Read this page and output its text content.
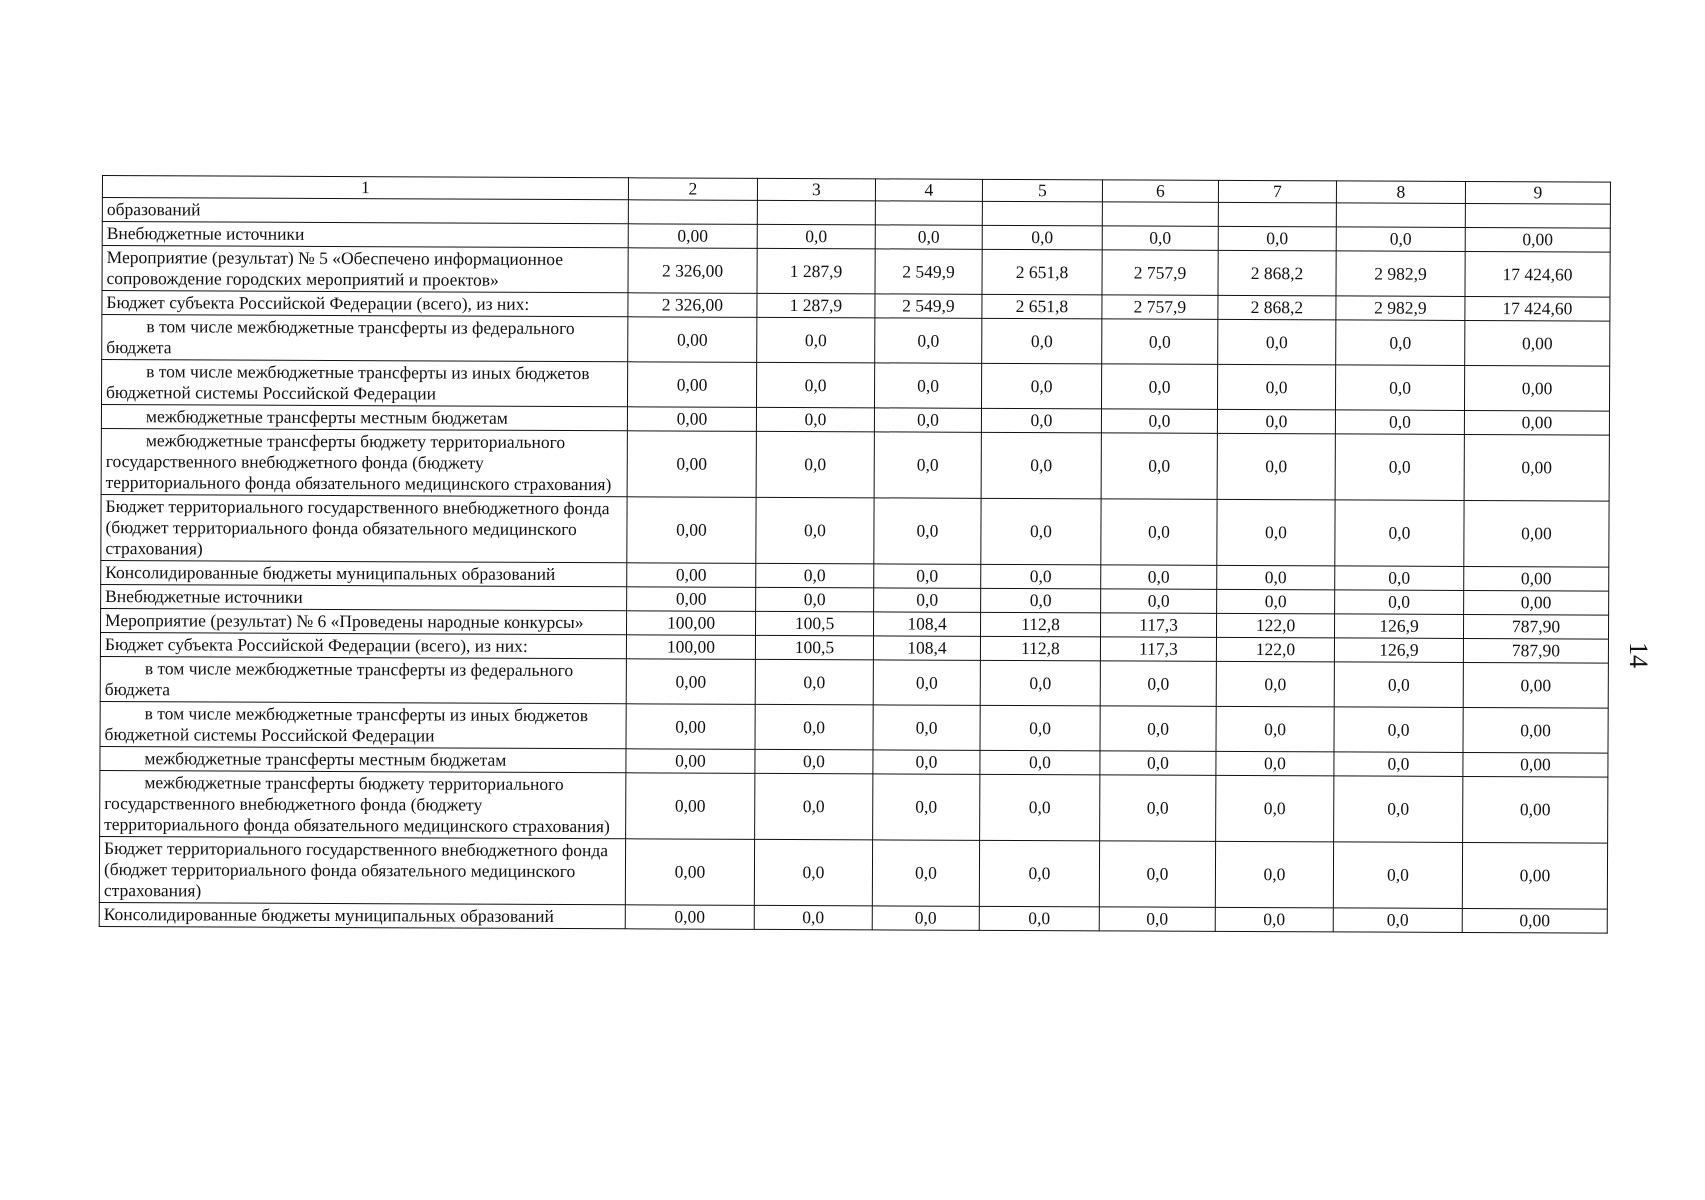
1	2	3	4	5	6	7	8	9
образований								
Внебюджетные источники	0,00	0,0	0,0	0,0	0,0	0,0	0,0	0,00
Мероприятие (результат) № 5 «Обеспечено информационное сопровождение городских мероприятий и проектов»	2 326,00	1 287,9	2 549,9	2 651,8	2 757,9	2 868,2	2 982,9	17 424,60
Бюджет субъекта Российской Федерации (всего), из них:	2 326,00	1 287,9	2 549,9	2 651,8	2 757,9	2 868,2	2 982,9	17 424,60
в том числе межбюджетные трансферты из федерального бюджета	0,00	0,0	0,0	0,0	0,0	0,0	0,0	0,00
в том числе межбюджетные трансферты из иных бюджетов бюджетной системы Российской Федерации	0,00	0,0	0,0	0,0	0,0	0,0	0,0	0,00
межбюджетные трансферты местным бюджетам	0,00	0,0	0,0	0,0	0,0	0,0	0,0	0,00
межбюджетные трансферты бюджету территориального государственного внебюджетного фонда (бюджету территориального фонда обязательного медицинского страхования)	0,00	0,0	0,0	0,0	0,0	0,0	0,0	0,00
Бюджет территориального государственного внебюджетного фонда (бюджет территориального фонда обязательного медицинского страхования)	0,00	0,0	0,0	0,0	0,0	0,0	0,0	0,00
Консолидированные бюджеты муниципальных образований	0,00	0,0	0,0	0,0	0,0	0,0	0,0	0,00
Внебюджетные источники	0,00	0,0	0,0	0,0	0,0	0,0	0,0	0,00
Мероприятие (результат) № 6 «Проведены народные конкурсы»	100,00	100,5	108,4	112,8	117,3	122,0	126,9	787,90
Бюджет субъекта Российской Федерации (всего), из них:	100,00	100,5	108,4	112,8	117,3	122,0	126,9	787,90
в том числе межбюджетные трансферты из федерального бюджета	0,00	0,0	0,0	0,0	0,0	0,0	0,0	0,00
в том числе межбюджетные трансферты из иных бюджетов бюджетной системы Российской Федерации	0,00	0,0	0,0	0,0	0,0	0,0	0,0	0,00
межбюджетные трансферты местным бюджетам	0,00	0,0	0,0	0,0	0,0	0,0	0,0	0,00
межбюджетные трансферты бюджету территориального государственного внебюджетного фонда (бюджету территориального фонда обязательного медицинского страхования)	0,00	0,0	0,0	0,0	0,0	0,0	0,0	0,00
Бюджет территориального государственного внебюджетного фонда (бюджет территориального фонда обязательного медицинского страхования)	0,00	0,0	0,0	0,0	0,0	0,0	0,0	0,00
Консолидированные бюджеты муниципальных образований	0,00	0,0	0,0	0,0	0,0	0,0	0,0	0,00
14
